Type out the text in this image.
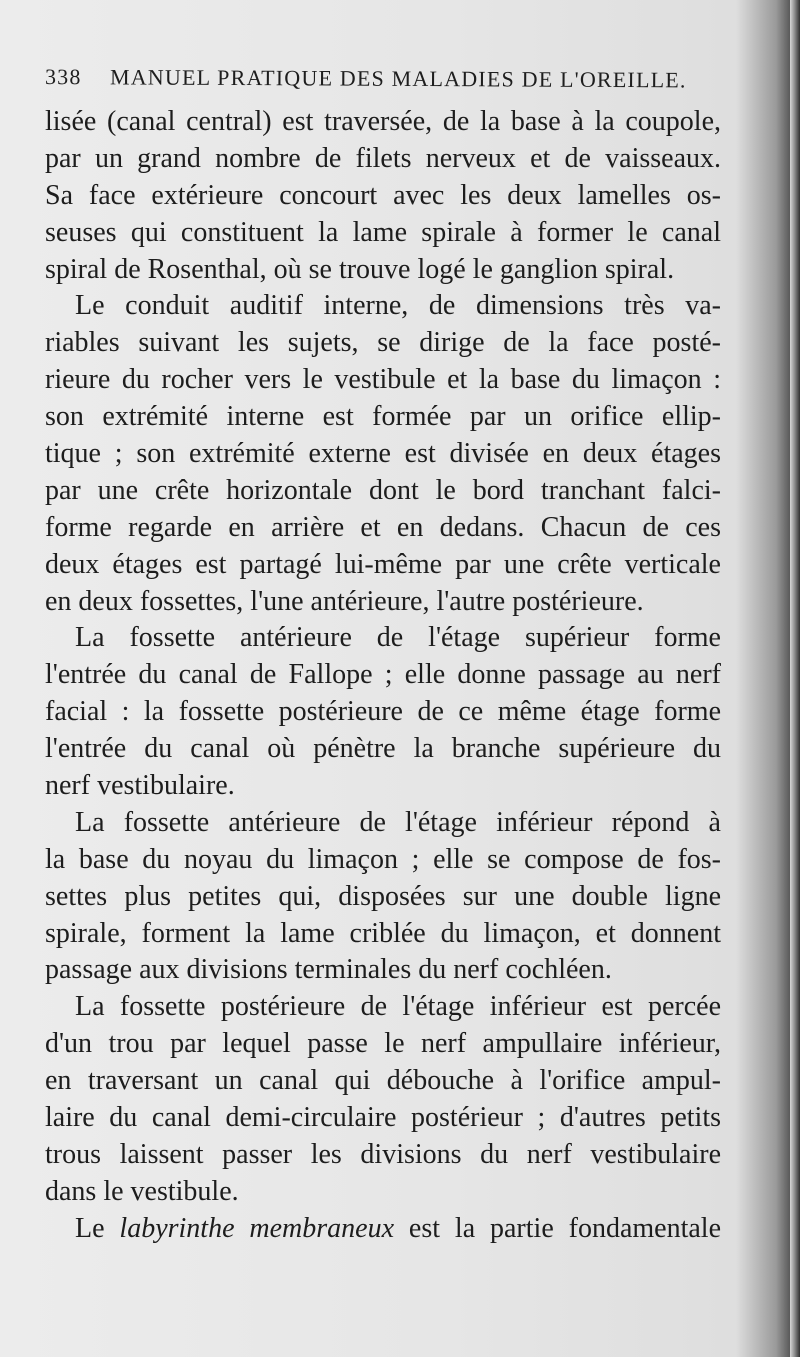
338 MANUEL PRATIQUE DES MALADIES DE L'OREILLE.
lisée (canal central) est traversée, de la base à la coupole,
par un grand nombre de filets nerveux et de vaisseaux.
Sa face extérieure concourt avec les deux lamelles os-
seuses qui constituent la lame spirale à former le canal
spiral de Rosenthal, où se trouve logé le ganglion spiral.
Le conduit auditif interne, de dimensions très va-
riables suivant les sujets, se dirige de la face posté-
rieure du rocher vers le vestibule et la base du limaçon :
son extrémité interne est formée par un orifice ellip-
tique ; son extrémité externe est divisée en deux étages
par une crête horizontale dont le bord tranchant falci-
forme regarde en arrière et en dedans. Chacun de ces
deux étages est partagé lui-même par une crête verticale
en deux fossettes, l'une antérieure, l'autre postérieure.
La fossette antérieure de l'étage supérieur forme
l'entrée du canal de Fallope ; elle donne passage au nerf
facial : la fossette postérieure de ce même étage forme
l'entrée du canal où pénètre la branche supérieure du
nerf vestibulaire.
La fossette antérieure de l'étage inférieur répond à
la base du noyau du limaçon ; elle se compose de fos-
settes plus petites qui, disposées sur une double ligne
spirale, forment la lame criblée du limaçon, et donnent
passage aux divisions terminales du nerf cochléen.
La fossette postérieure de l'étage inférieur est percée
d'un trou par lequel passe le nerf ampullaire inférieur,
en traversant un canal qui débouche à l'orifice ampul-
laire du canal demi-circulaire postérieur ; d'autres petits
trous laissent passer les divisions du nerf vestibulaire
dans le vestibule.
Le labyrinthe membraneux est la partie fondamentale
